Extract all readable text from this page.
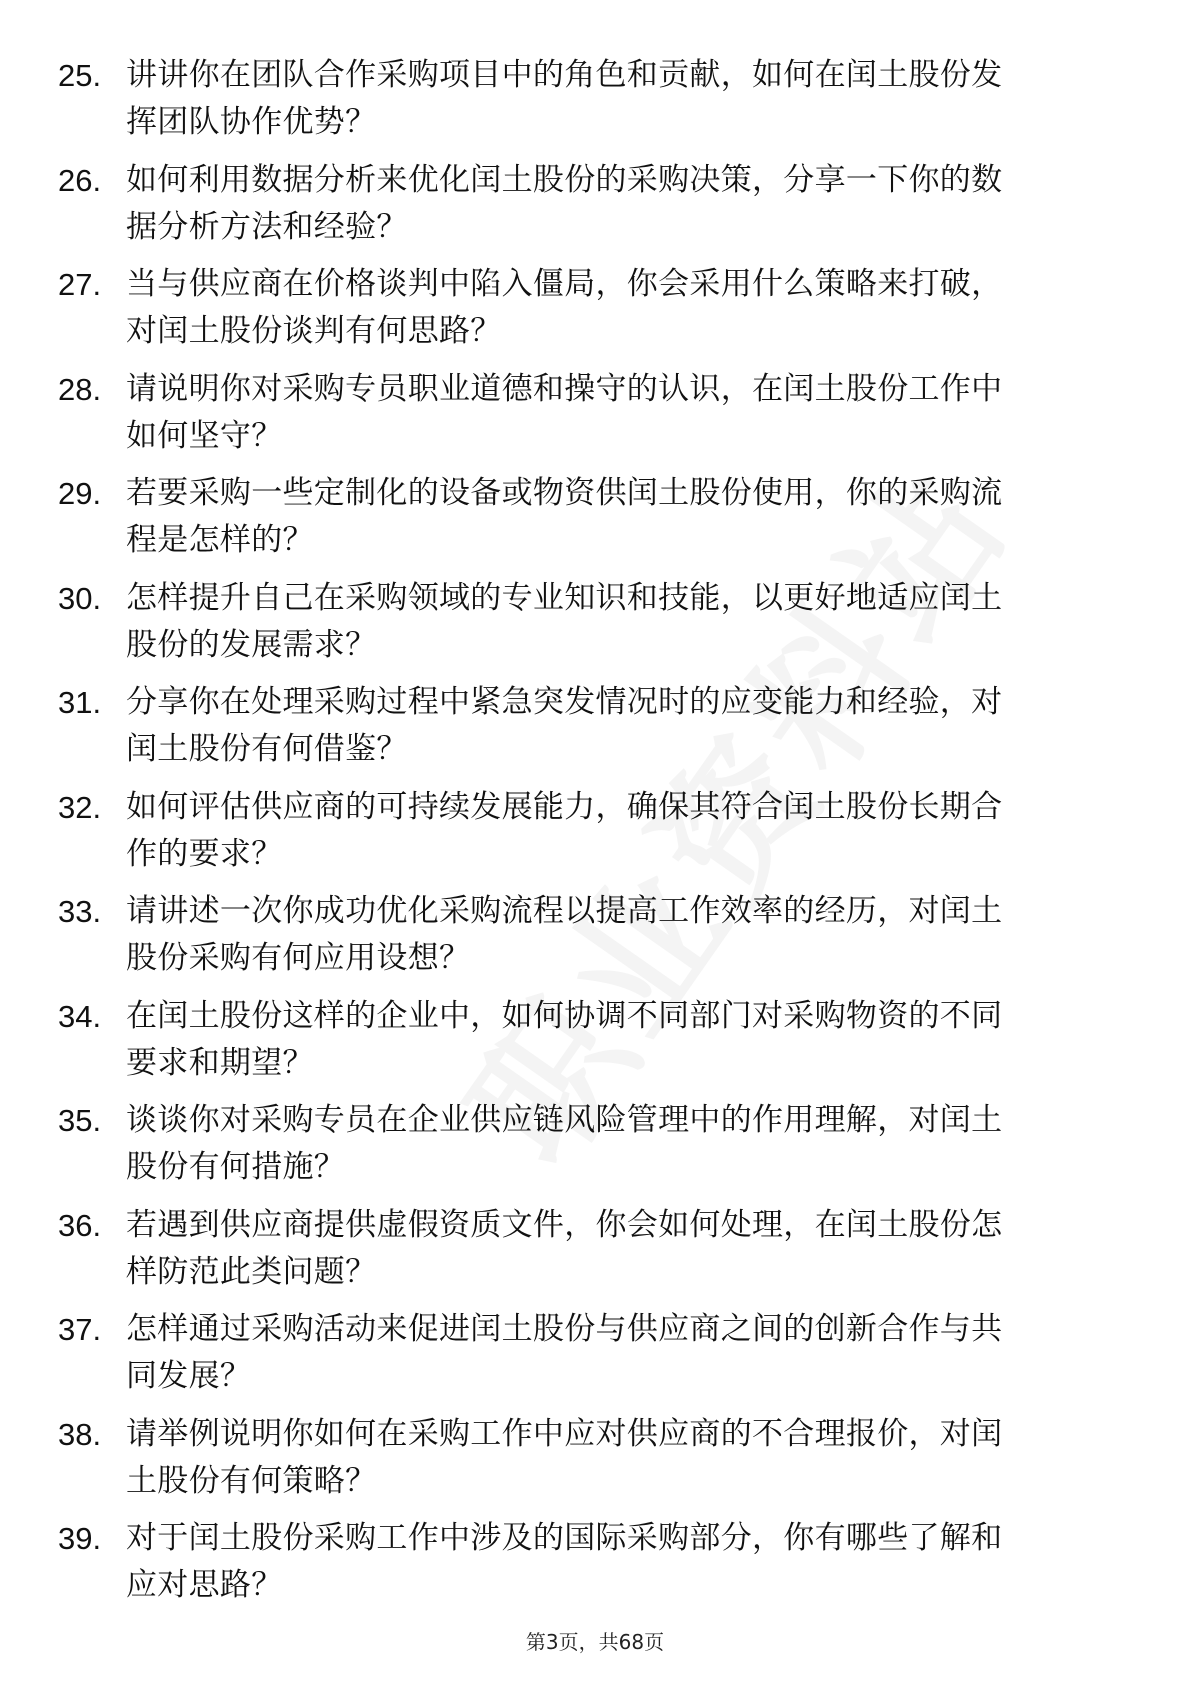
25. 讲讲你在团队合作采购项目中的角色和贡献，如何在闰土股份发
挥团队协作优势？
26. 如何利用数据分析来优化闰土股份的采购决策，分享一下你的数
据分析方法和经验？
27. 当与供应商在价格谈判中陷入僵局，你会采用什么策略来打破，
对闰土股份谈判有何思路？
28. 请说明你对采购专员职业道德和操守的认识，在闰土股份工作中
如何坚守？
29. 若要采购一些定制化的设备或物资供闰土股份使用，你的采购流
程是怎样的？
30. 怎样提升自己在采购领域的专业知识和技能，以更好地适应闰土
股份的发展需求？
31. 分享你在处理采购过程中紧急突发情况时的应变能力和经验，对
闰土股份有何借鉴？
32. 如何评估供应商的可持续发展能力，确保其符合闰土股份长期合
作的要求？
33. 请讲述一次你成功优化采购流程以提高工作效率的经历，对闰土
股份采购有何应用设想？
34. 在闰土股份这样的企业中，如何协调不同部门对采购物资的不同
要求和期望？
35. 谈谈你对采购专员在企业供应链风险管理中的作用理解，对闰土
股份有何措施？
36. 若遇到供应商提供虚假资质文件，你会如何处理，在闰土股份怎
样防范此类问题？
37. 怎样通过采购活动来促进闰土股份与供应商之间的创新合作与共
同发展？
38. 请举例说明你如何在采购工作中应对供应商的不合理报价，对闰
土股份有何策略？
39. 对于闰土股份采购工作中涉及的国际采购部分，你有哪些了解和
应对思路？
第3页，共68页
